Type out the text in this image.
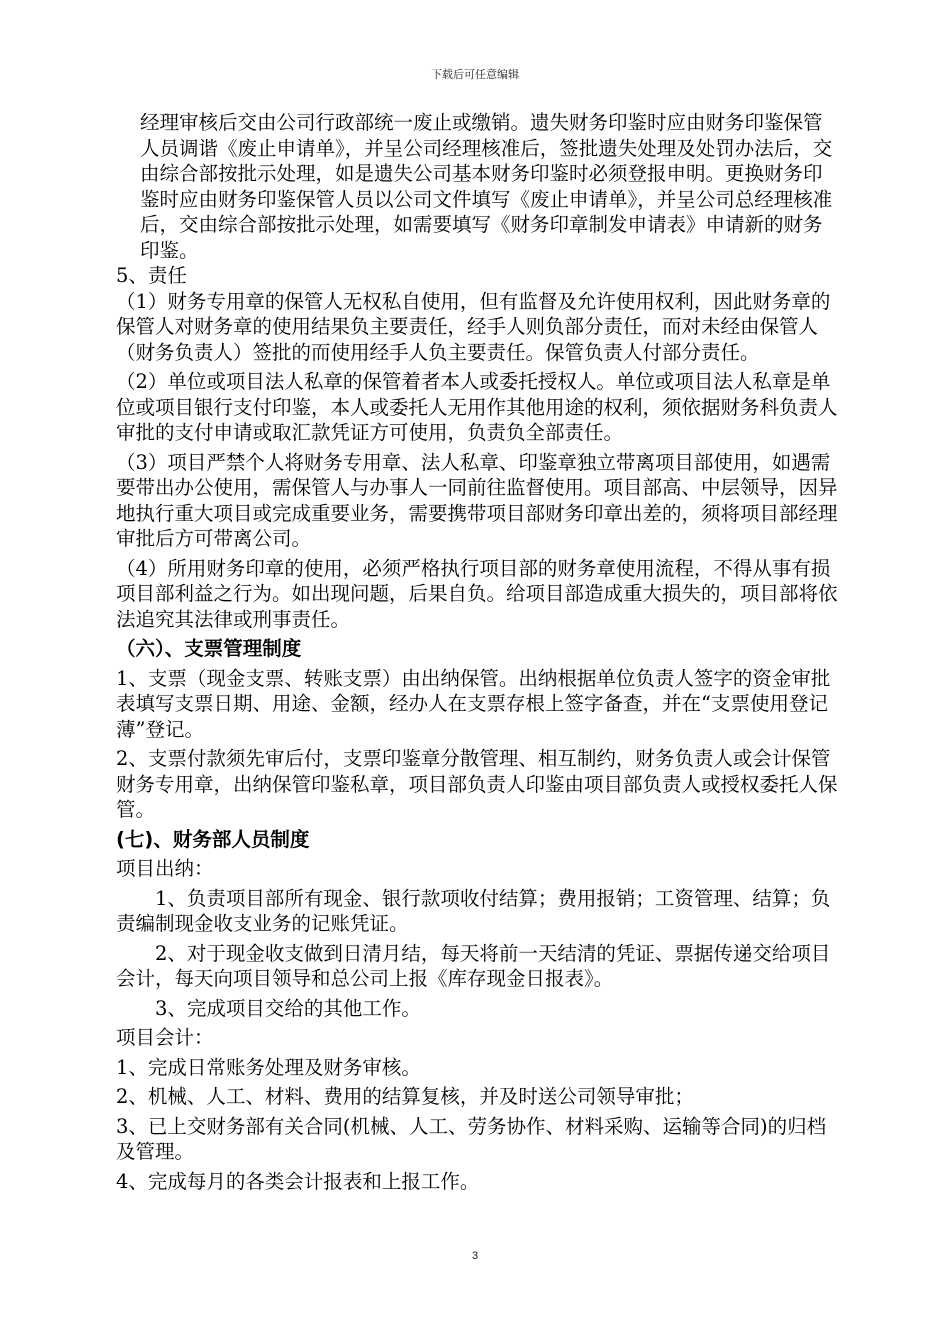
下载后可任意编辑

经理审核后交由公司行政部统一废止或缴销。遗失财务印鉴时应由财务印鉴保管人员调谐《废止申请单》，并呈公司经理核准后，签批遗失处理及处罚办法后，交由综合部按批示处理，如是遗失公司基本财务印鉴时必须登报申明。更换财务印鉴时应由财务印鉴保管人员以公司文件填写《废止申请单》，并呈公司总经理核准后，交由综合部按批示处理，如需要填写《财务印章制发申请表》申请新的财务印鉴。

5、责任

（1）财务专用章的保管人无权私自使用，但有监督及允许使用权利，因此财务章的保管人对财务章的使用结果负主要责任，经手人则负部分责任，而对未经由保管人（财务负责人）签批的而使用经手人负主要责任。保管负责人付部分责任。

（2）单位或项目法人私章的保管着者本人或委托授权人。单位或项目法人私章是单位或项目银行支付印鉴，本人或委托人无用作其他用途的权利，须依据财务科负责人审批的支付申请或取汇款凭证方可使用，负责负全部责任。

（3）项目严禁个人将财务专用章、法人私章、印鉴章独立带离项目部使用，如遇需要带出办公使用，需保管人与办事人一同前往监督使用。项目部高、中层领导，因异地执行重大项目或完成重要业务，需要携带项目部财务印章出差的，须将项目部经理审批后方可带离公司。

（4）所用财务印章的使用，必须严格执行项目部的财务章使用流程，不得从事有损项目部利益之行为。如出现问题，后果自负。给项目部造成重大损失的，项目部将依法追究其法律或刑事责任。

（六）、支票管理制度

1、支票（现金支票、转账支票）由出纳保管。出纳根据单位负责人签字的资金审批表填写支票日期、用途、金额，经办人在支票存根上签字备查，并在“支票使用登记薄”登记。

2、支票付款须先审后付，支票印鉴章分散管理、相互制约，财务负责人或会计保管财务专用章，出纳保管印鉴私章，项目部负责人印鉴由项目部负责人或授权委托人保管。

(七)、财务部人员制度

项目出纳：

1、负责项目部所有现金、银行款项收付结算；费用报销；工资管理、结算；负责编制现金收支业务的记账凭证。

2、对于现金收支做到日清月结，每天将前一天结清的凭证、票据传递交给项目会计，每天向项目领导和总公司上报《库存现金日报表》。

3、完成项目交给的其他工作。

项目会计：

1、完成日常账务处理及财务审核。

2、机械、人工、材料、费用的结算复核，并及时送公司领导审批；

3、已上交财务部有关合同(机械、人工、劳务协作、材料采购、运输等合同)的归档及管理。

4、完成每月的各类会计报表和上报工作。

3
